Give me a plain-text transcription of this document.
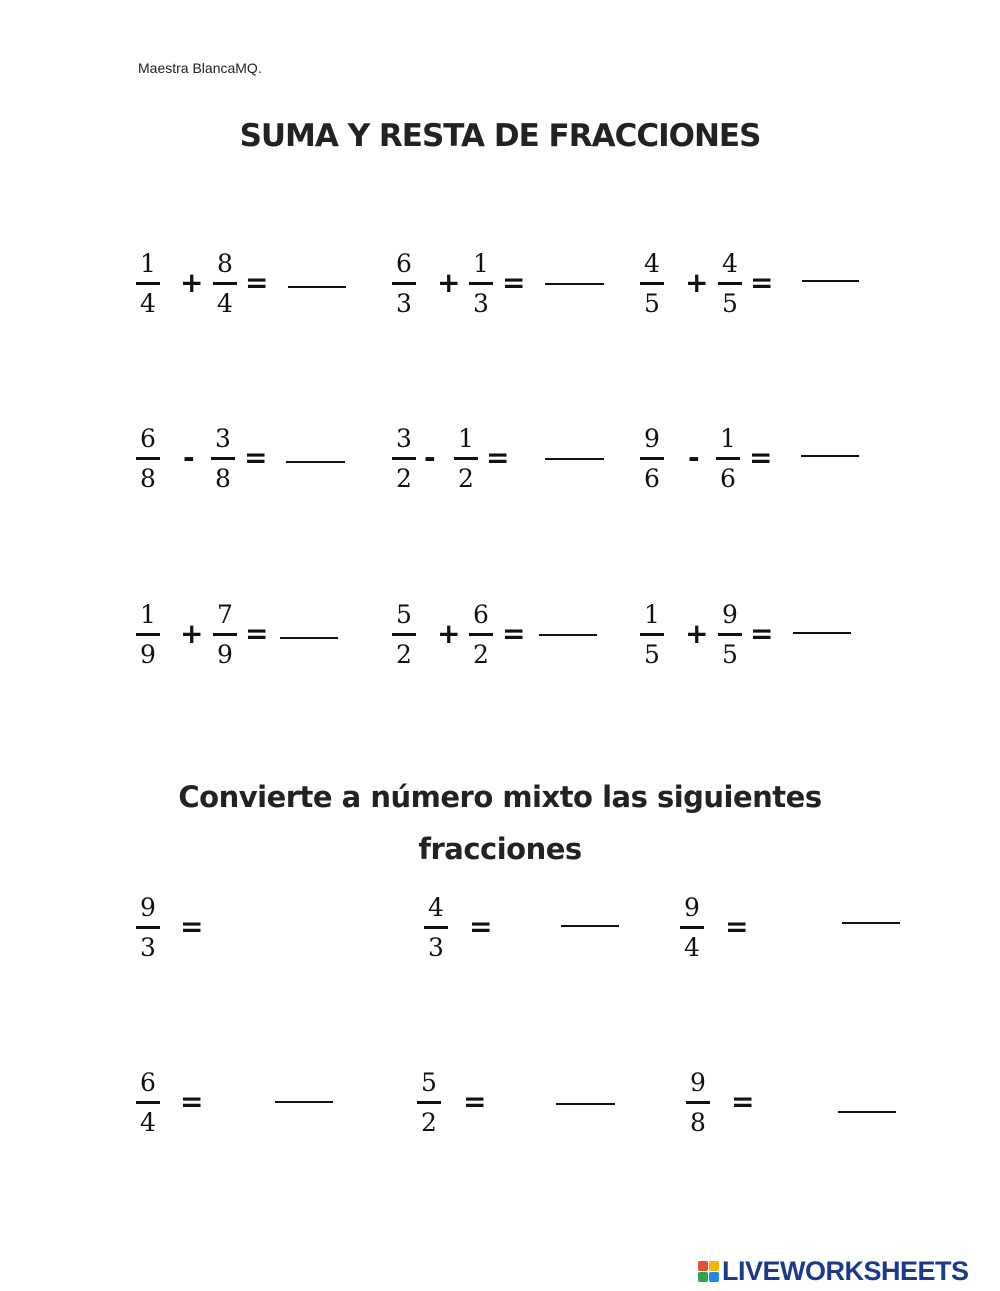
Maestra BlancaMQ.
SUMA Y RESTA DE FRACCIONES
1
4
+
8
4
=
6
3
+
1
3
=
4
5
+
4
5
=
6
8
-
3
8
=
3
2
-
1
2
=
9
6
-
1
6
=
1
9
+
7
9
=
5
2
+
6
2
=
1
5
+
9
5
=
Convierte a número mixto las siguientes
fracciones
9
3
=
4
3
=
9
4
=
6
4
=
5
2
=
9
8
=
LIVEWORKSHEETS
